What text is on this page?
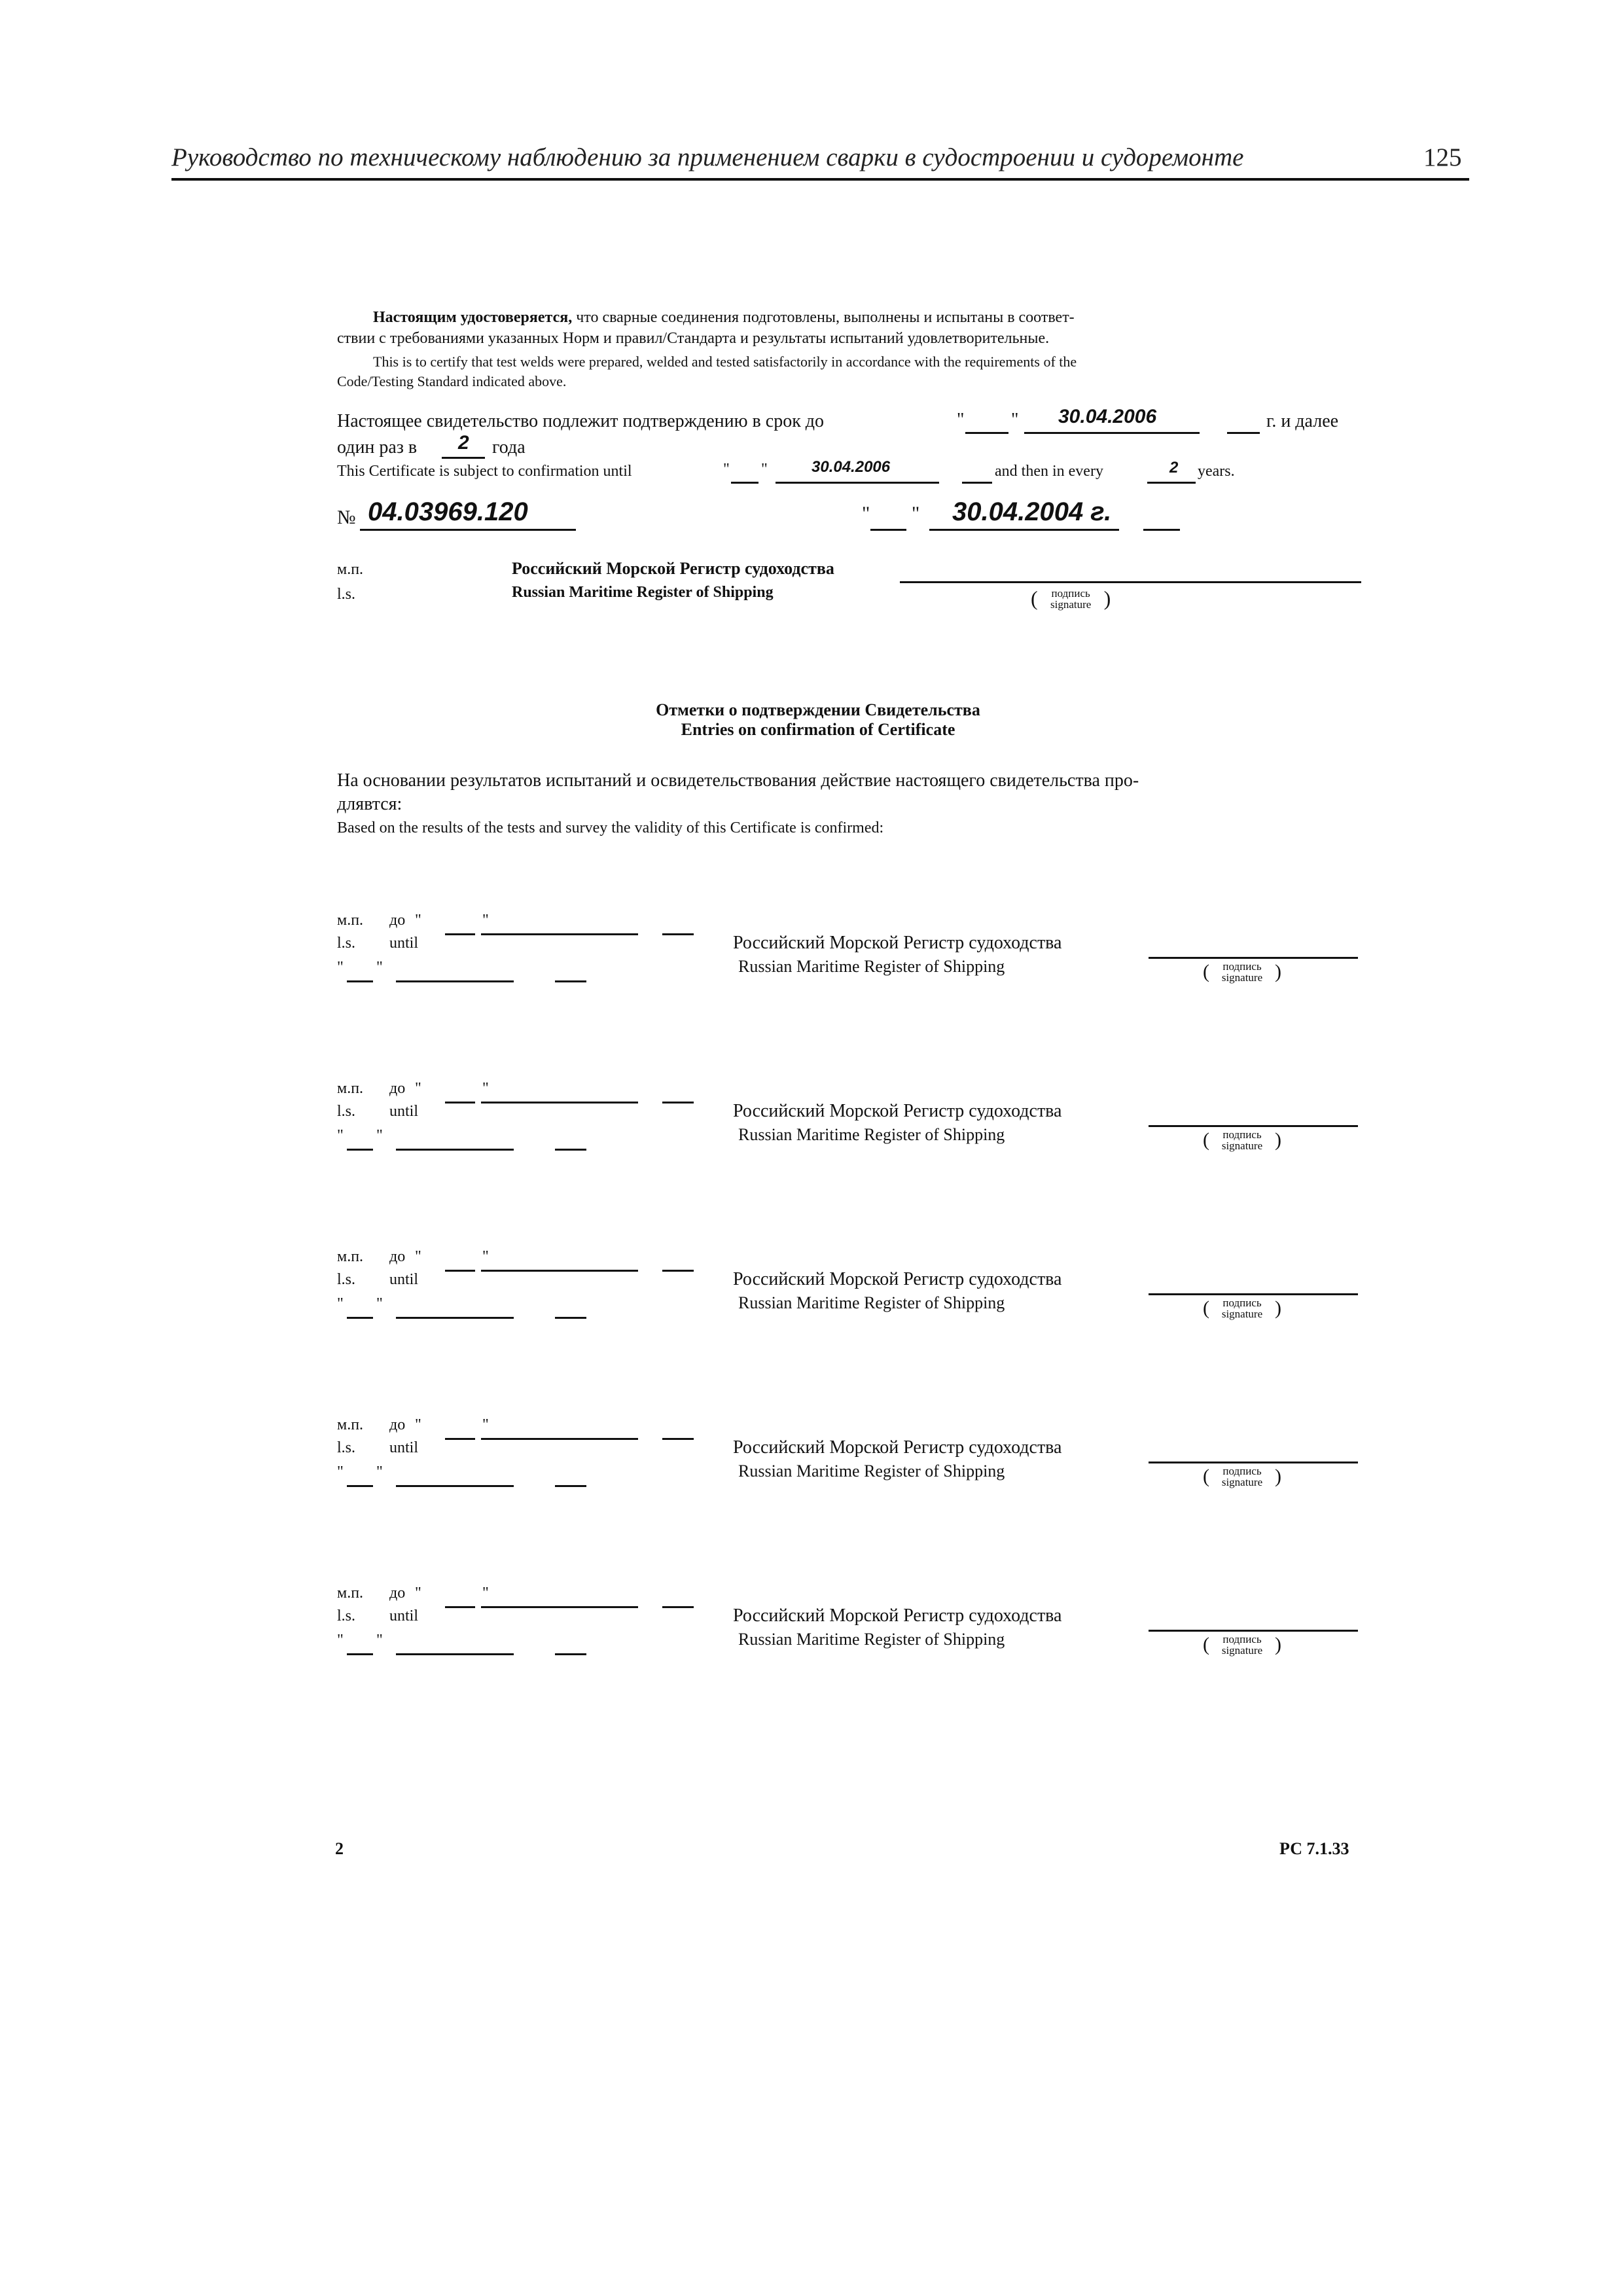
Руководство по техническому наблюдению за применением сварки в судостроении и судоремонте	125
Настоящим удостоверяется, что сварные соединения подготовлены, выполнены и испытаны в соответ-
ствии с требованиями указанных Норм и правил/Стандарта и результаты испытаний удовлетворительные.
This is to certify that test welds were prepared, welded and tested satisfactorily in accordance with the requirements of the
Code/Testing Standard indicated above.
Настоящее свидетельство подлежит подтверждению в срок до	"	" 30.04.2006	г. и далее
один раз в 2 года
This Certificate is subject to confirmation until	" "	30.04.2006	and then in every	2 years.
№ 04.03969.120	" " 30.04.2004 г.
м.п.
l.s.
Российский Морской Регистр судоходства
Russian Maritime Register of Shipping	(	подпись
signature )
Отметки о подтверждении Свидетельства
Entries on confirmation of Certificate
На основании результатов испытаний и освидетельствования действие настоящего свидетельства про-
длявтся:
Based on the results of the tests and survey the validity of this Certificate is confirmed:
м.п. до "	"
l.s. until
" "
Российский Морской Регистр судоходства
Russian Maritime Register of Shipping	(	подпись
signature )
м.п. до "	"
l.s. until
" "
Российский Морской Регистр судоходства
Russian Maritime Register of Shipping	(	подпись
signature )
м.п. до "	"
l.s. until
" "
Российский Морской Регистр судоходства
Russian Maritime Register of Shipping	(	подпись
signature )
м.п. до "	"
l.s. until
" "
Российский Морской Регистр судоходства
Russian Maritime Register of Shipping	(	подпись
signature )
м.п. до "	"
l.s. until
" "
Российский Морской Регистр судоходства
Russian Maritime Register of Shipping	(	подпись
signature )
2	РС 7.1.33
